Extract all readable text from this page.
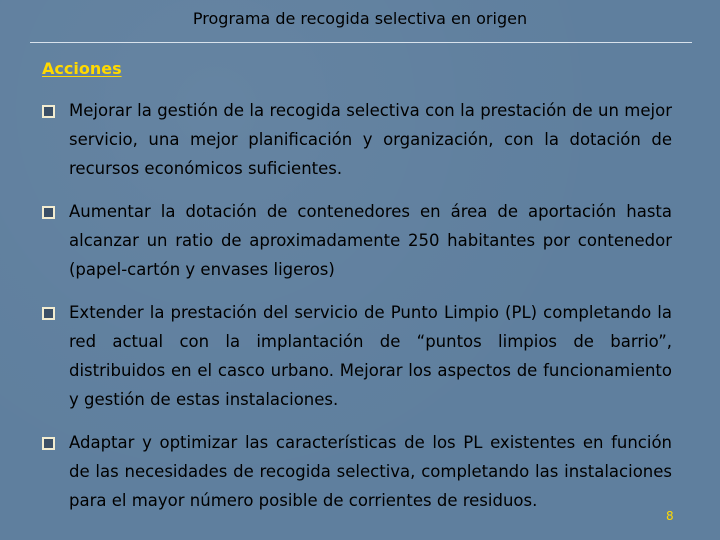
Programa de recogida selectiva en origen
Acciones
Mejorar la gestión de la recogida selectiva con la prestación de un mejor servicio, una mejor planificación y organización, con la dotación de recursos económicos suficientes.
Aumentar la dotación de contenedores en área de aportación hasta alcanzar un ratio de aproximadamente 250 habitantes por contenedor (papel-cartón y envases ligeros)
Extender la prestación del servicio de Punto Limpio (PL) completando la red actual con la implantación de “puntos limpios de barrio”, distribuidos en el casco urbano. Mejorar los aspectos de funcionamiento y gestión de estas instalaciones.
Adaptar y optimizar las características de los PL existentes en función de las necesidades de recogida selectiva, completando las instalaciones para el mayor número posible de corrientes de residuos.
8
